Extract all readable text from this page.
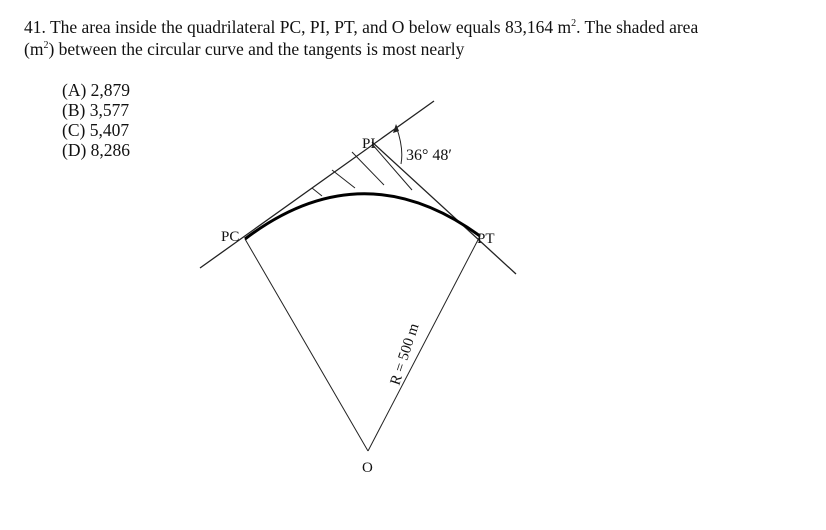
41. The area inside the quadrilateral PC, PI, PT, and O below equals 83,164 $m^2$. The shaded area

$(m^2)$ between the circular curve and the tangents is most nearly

(A) 2,879
(B) 3,577
(C) 5,407
(D) 8,286	PI
36° 48′
PC	PT
R = 500 m
O
